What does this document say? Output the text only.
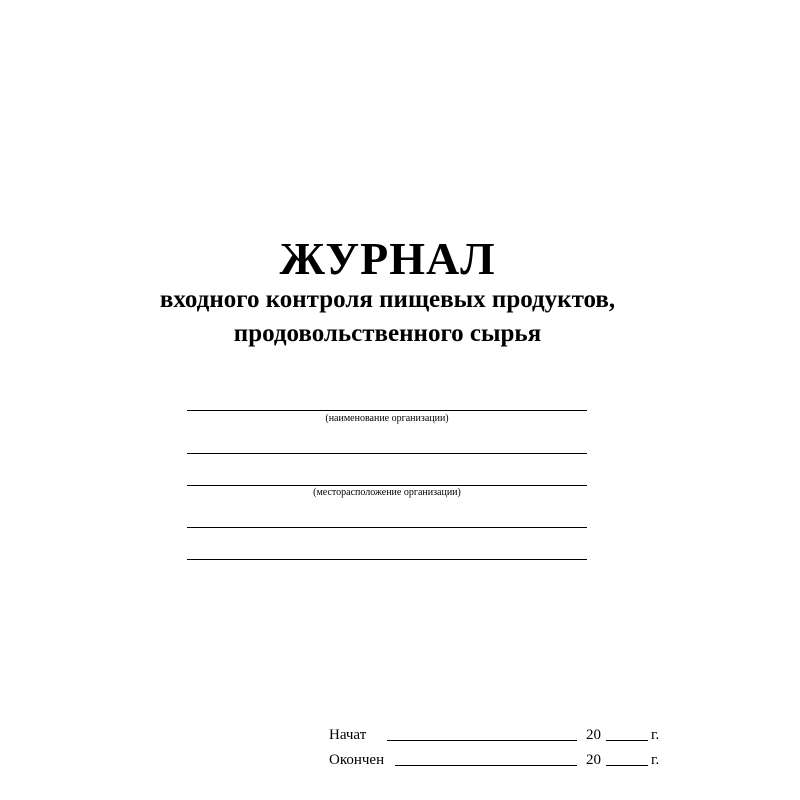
ЖУРНАЛ
входного контроля пищевых продуктов,
продовольственного сырья
(наименование организации)
(месторасположение организации)
Начат	20	г.
Окончен	20	г.
